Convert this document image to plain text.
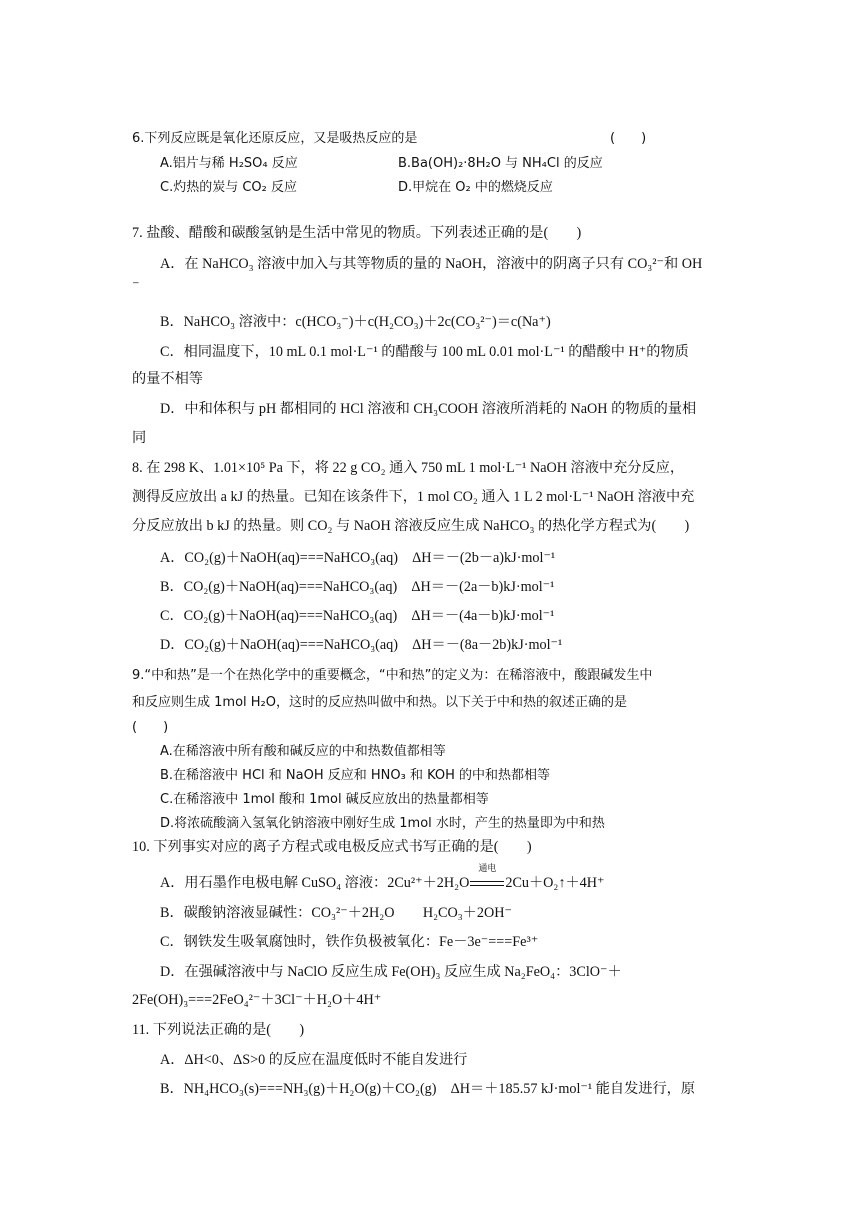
6.下列反应既是氧化还原反应，又是吸热反应的是	(　　)
A.铝片与稀 H₂SO₄ 反应	B.Ba(OH)₂·8H₂O 与 NH₄Cl 的反应
C.灼热的炭与 CO₂ 反应	D.甲烷在 O₂ 中的燃烧反应
7. 盐酸、醋酸和碳酸氢钠是生活中常见的物质。下列表述正确的是(　　)
A．在 NaHCO₃ 溶液中加入与其等物质的量的 NaOH，溶液中的阴离子只有 CO₃²⁻和 OH
⁻
B．NaHCO₃ 溶液中：c(HCO₃⁻)＋c(H₂CO₃)＋2c(CO₃²⁻)＝c(Na⁺)
C．相同温度下，10 mL 0.1 mol·L⁻¹ 的醋酸与 100 mL 0.01 mol·L⁻¹ 的醋酸中 H⁺的物质
的量不相等
D．中和体积与 pH 都相同的 HCl 溶液和 CH₃COOH 溶液所消耗的 NaOH 的物质的量相
同
8. 在 298 K、1.01×10⁵ Pa 下，将 22 g CO₂ 通入 750 mL 1 mol·L⁻¹ NaOH 溶液中充分反应，
测得反应放出 a kJ 的热量。已知在该条件下，1 mol CO₂ 通入 1 L 2 mol·L⁻¹ NaOH 溶液中充
分反应放出 b kJ 的热量。则 CO₂ 与 NaOH 溶液反应生成 NaHCO₃ 的热化学方程式为(　　)
A．CO₂(g)＋NaOH(aq)===NaHCO₃(aq)　ΔH＝－(2b－a)kJ·mol⁻¹
B．CO₂(g)＋NaOH(aq)===NaHCO₃(aq)　ΔH＝－(2a－b)kJ·mol⁻¹
C．CO₂(g)＋NaOH(aq)===NaHCO₃(aq)　ΔH＝－(4a－b)kJ·mol⁻¹
D．CO₂(g)＋NaOH(aq)===NaHCO₃(aq)　ΔH＝－(8a－2b)kJ·mol⁻¹
9.“中和热”是一个在热化学中的重要概念，“中和热”的定义为：在稀溶液中，酸跟碱发生中
和反应则生成 1mol H₂O，这时的反应热叫做中和热。以下关于中和热的叙述正确的是
(　　)
A.在稀溶液中所有酸和碱反应的中和热数值都相等
B.在稀溶液中 HCl 和 NaOH 反应和 HNO₃ 和 KOH 的中和热都相等
C.在稀溶液中 1mol 酸和 1mol 碱反应放出的热量都相等
D.将浓硫酸滴入氢氧化钠溶液中刚好生成 1mol 水时，产生的热量即为中和热
10. 下列事实对应的离子方程式或电极反应式书写正确的是(　　)
A．用石墨作电极电解 CuSO₄ 溶液：2Cu²⁺＋2H₂O
通电
2Cu＋O₂↑＋4H⁺
B．碳酸钠溶液显碱性：CO₃²⁻＋2H₂O　　H₂CO₃＋2OH⁻
C．钢铁发生吸氧腐蚀时，铁作负极被氧化：Fe－3e⁻===Fe³⁺
D．在强碱溶液中与 NaClO 反应生成 Fe(OH)₃ 反应生成 Na₂FeO₄：3ClO⁻＋
2Fe(OH)₃===2FeO₄²⁻＋3Cl⁻＋H₂O＋4H⁺
11. 下列说法正确的是(　　)
A．ΔH<0、ΔS>0 的反应在温度低时不能自发进行
B．NH₄HCO₃(s)===NH₃(g)＋H₂O(g)＋CO₂(g)　ΔH＝＋185.57 kJ·mol⁻¹ 能自发进行，原
